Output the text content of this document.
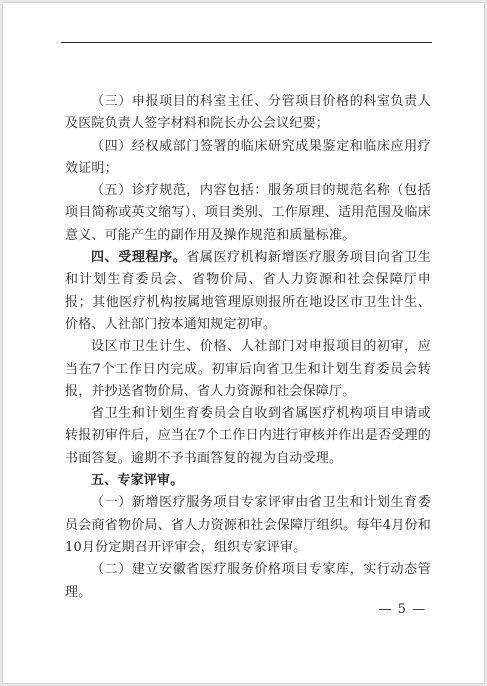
（三）申报项目的科室主任、分管项目价格的科室负责人及医院负责人签字材料和院长办公会议纪要；

（四）经权威部门签署的临床研究成果鉴定和临床应用疗效证明；

（五）诊疗规范，内容包括：服务项目的规范名称（包括项目简称或英文缩写）、项目类别、工作原理、适用范围及临床意义、可能产生的副作用及操作规范和质量标准。

四、受理程序。省属医疗机构新增医疗服务项目向省卫生和计划生育委员会、省物价局、省人力资源和社会保障厅申报；其他医疗机构按属地管理原则报所在地设区市卫生计生、价格、人社部门按本通知规定初审。

设区市卫生计生、价格、人社部门对申报项目的初审，应当在7个工作日内完成。初审后向省卫生和计划生育委员会转报，并抄送省物价局、省人力资源和社会保障厅。

省卫生和计划生育委员会自收到省属医疗机构项目申请或转报初审件后，应当在7个工作日内进行审核并作出是否受理的书面答复。逾期不予书面答复的视为自动受理。

五、专家评审。

（一）新增医疗服务项目专家评审由省卫生和计划生育委员会商省物价局、省人力资源和社会保障厅组织。每年4月份和10月份定期召开评审会，组织专家评审。

（二）建立安徽省医疗服务价格项目专家库，实行动态管理。

— 5 —
